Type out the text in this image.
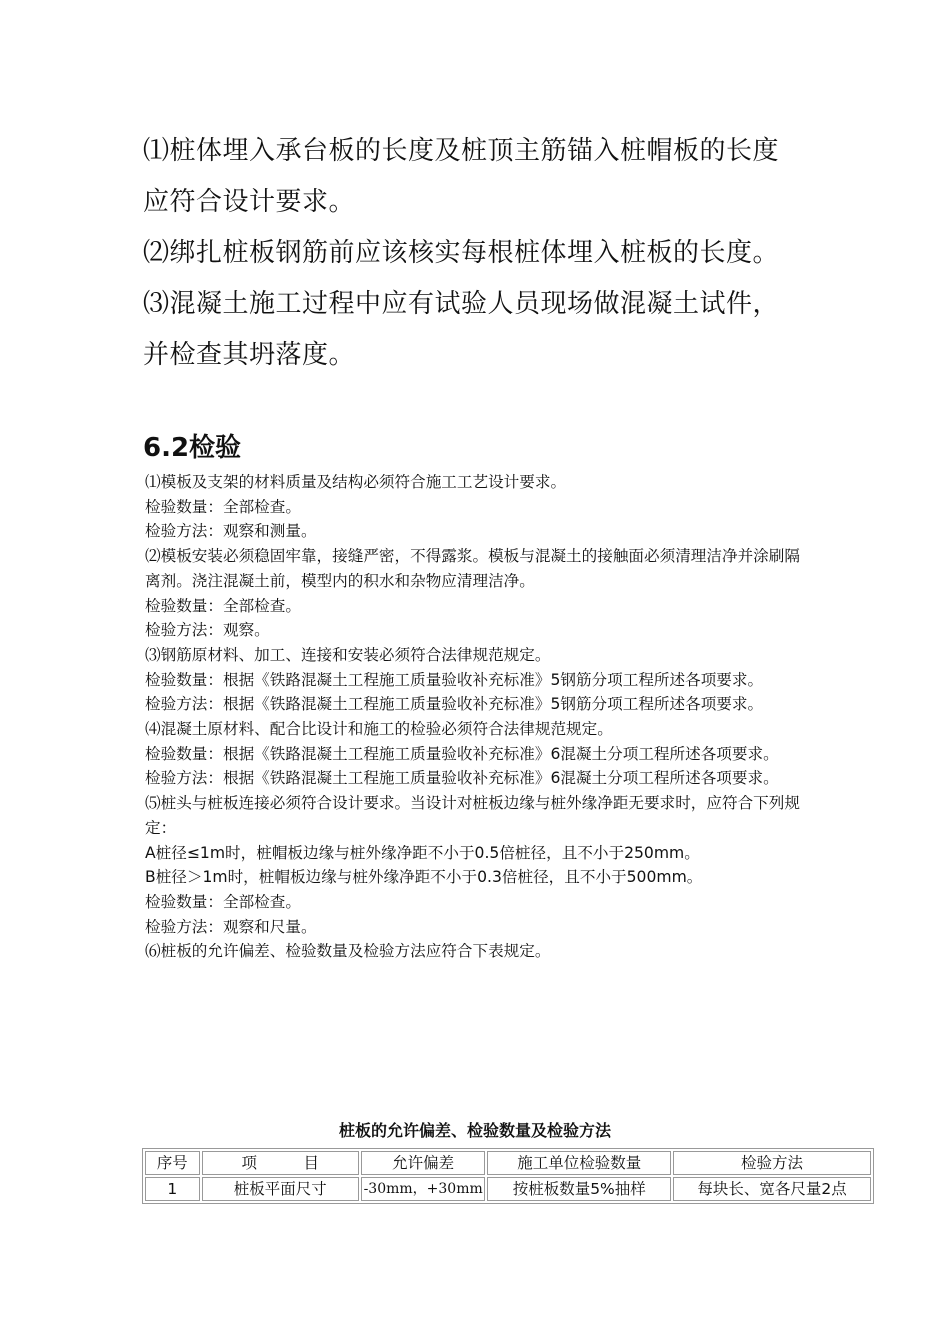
⑴桩体埋入承台板的长度及桩顶主筋锚入桩帽板的长度应符合设计要求。

⑵绑扎桩板钢筋前应该核实每根桩体埋入桩板的长度。

⑶混凝土施工过程中应有试验人员现场做混凝土试件，并检查其坍落度。

6.2检验

⑴模板及支架的材料质量及结构必须符合施工工艺设计要求。

检验数量：全部检查。

检验方法：观察和测量。

⑵模板安装必须稳固牢靠，接缝严密，不得露浆。模板与混凝土的接触面必须清理洁净并涂刷隔离剂。浇注混凝土前，模型内的积水和杂物应清理洁净。

检验数量：全部检查。

检验方法：观察。

⑶钢筋原材料、加工、连接和安装必须符合法律规范规定。

检验数量：根据《铁路混凝土工程施工质量验收补充标准》5钢筋分项工程所述各项要求。

检验方法：根据《铁路混凝土工程施工质量验收补充标准》5钢筋分项工程所述各项要求。

⑷混凝土原材料、配合比设计和施工的检验必须符合法律规范规定。

检验数量：根据《铁路混凝土工程施工质量验收补充标准》6混凝土分项工程所述各项要求。

检验方法：根据《铁路混凝土工程施工质量验收补充标准》6混凝土分项工程所述各项要求。

⑸桩头与桩板连接必须符合设计要求。当设计对桩板边缘与桩外缘净距无要求时，应符合下列规定：

A桩径≤1m时，桩帽板边缘与桩外缘净距不小于0.5倍桩径，且不小于250mm。

B桩径＞1m时，桩帽板边缘与桩外缘净距不小于0.3倍桩径，且不小于500mm。

检验数量：全部检查。

检验方法：观察和尺量。

⑹桩板的允许偏差、检验数量及检验方法应符合下表规定。

桩板的允许偏差、检验数量及检验方法

序号	项　　　目	允许偏差	施工单位检验数量	检验方法
1	桩板平面尺寸	-30mm，+30mm	按桩板数量5%抽样	每块长、宽各尺量2点
